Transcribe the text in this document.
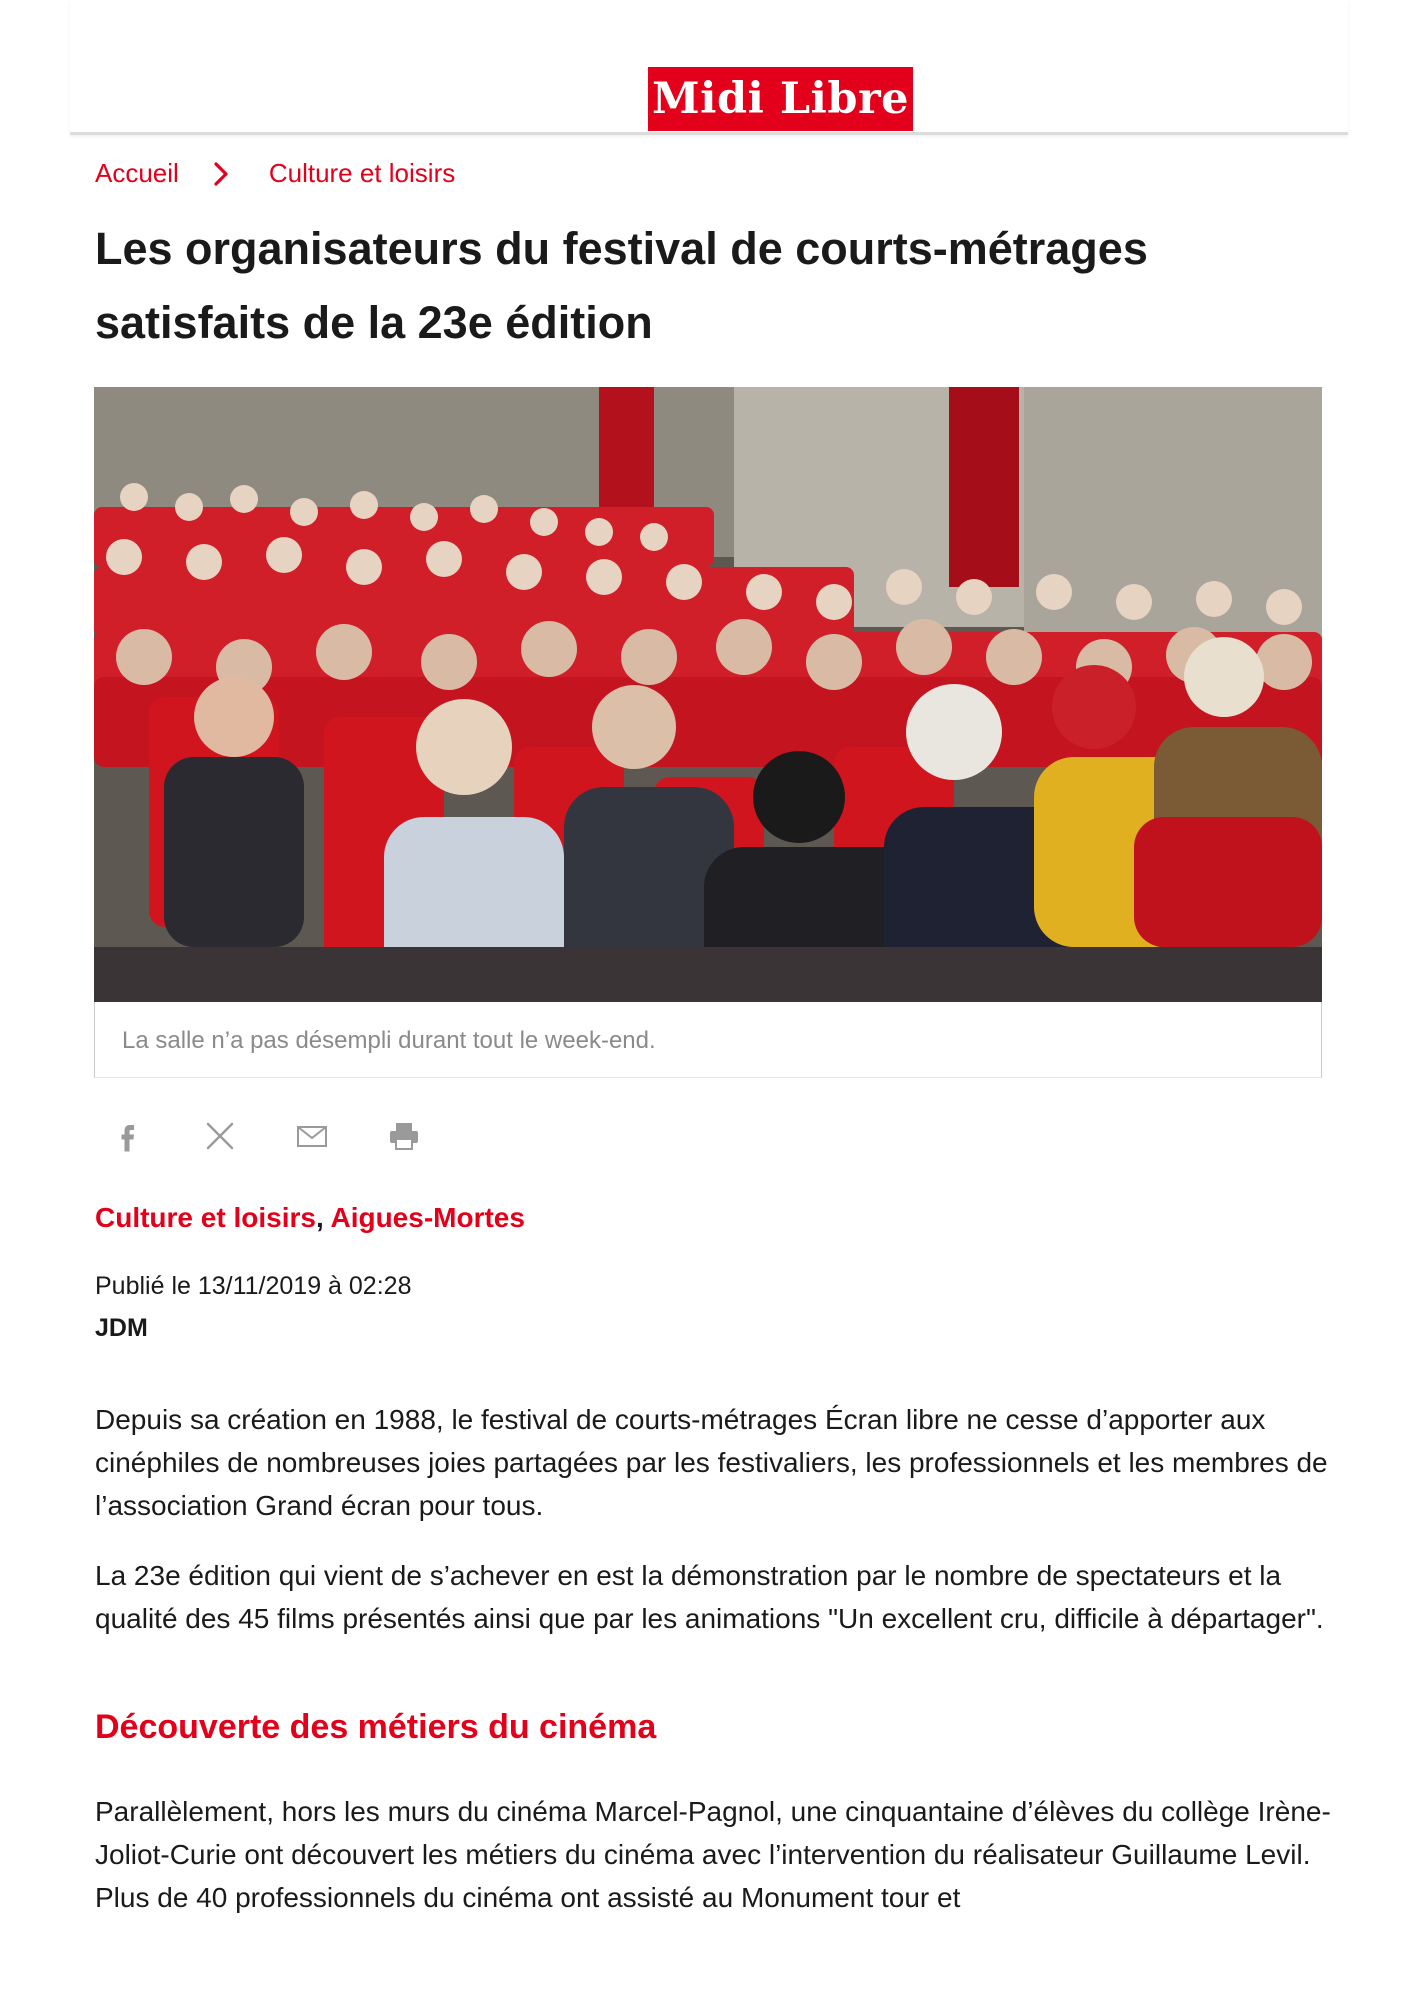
Midi Libre
Accueil	Culture et loisirs
Les organisateurs du festival de courts-métrages satisfaits de la 23e édition
La salle n’a pas désempli durant tout le week-end.
Culture et loisirs, Aigues-Mortes
Publié le 13/11/2019 à 02:28
JDM

Depuis sa création en 1988, le festival de courts-métrages Écran libre ne cesse d’apporter aux cinéphiles de nombreuses joies partagées par les festivaliers, les professionnels et les membres de l’association Grand écran pour tous.

La 23e édition qui vient de s’achever en est la démonstration par le nombre de spectateurs et la qualité des 45 films présentés ainsi que par les animations "Un excellent cru, difficile à départager".

Découverte des métiers du cinéma

Parallèlement, hors les murs du cinéma Marcel-Pagnol, une cinquantaine d’élèves du collège Irène-Joliot-Curie ont découvert les métiers du cinéma avec l’intervention du réalisateur Guillaume Levil. Plus de 40 professionnels du cinéma ont assisté au Monument tour et
